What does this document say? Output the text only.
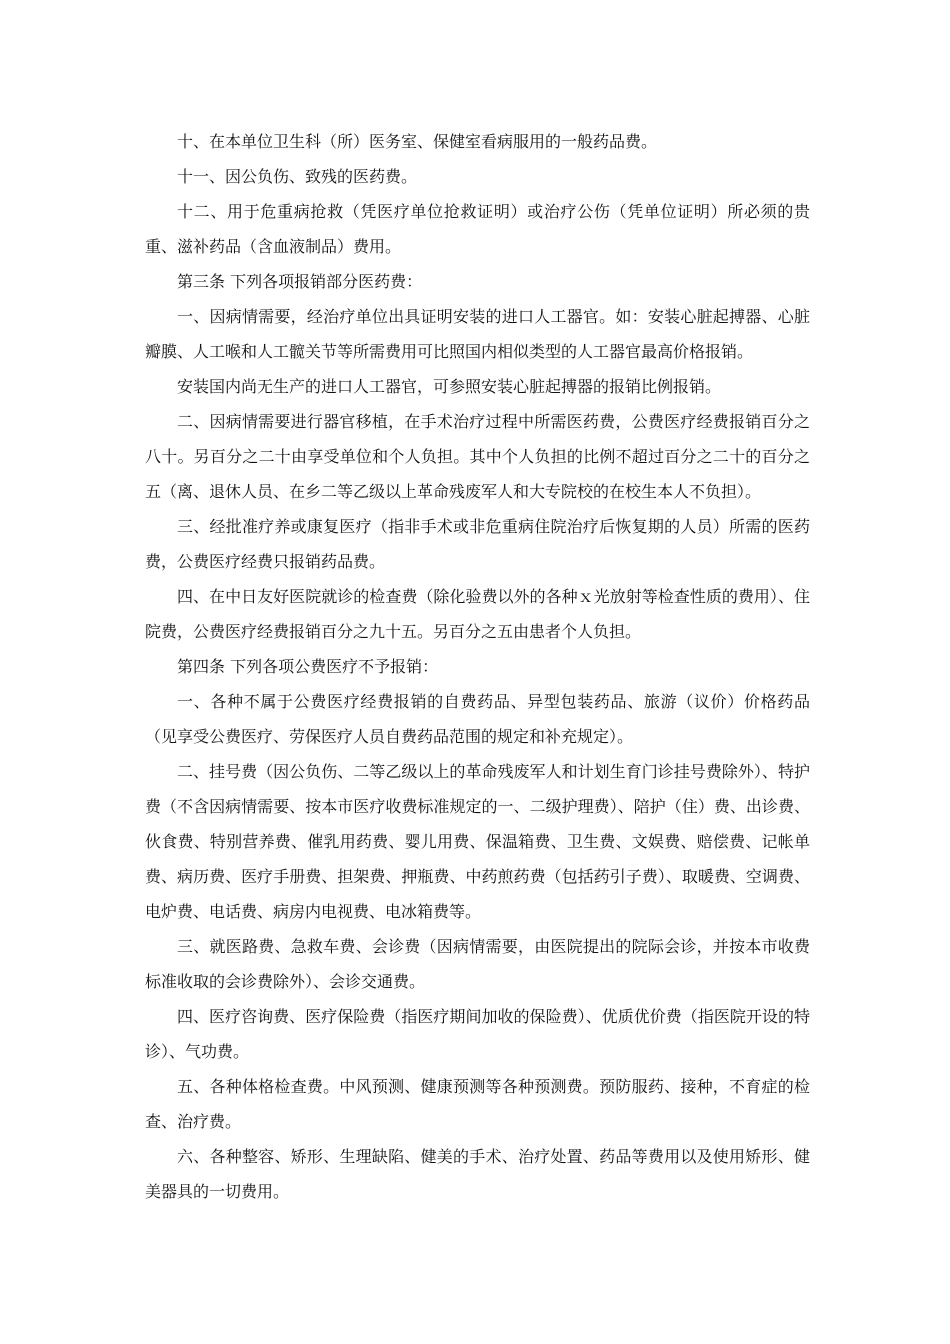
十、在本单位卫生科（所）医务室、保健室看病服用的一般药品费。

十一、因公负伤、致残的医药费。

十二、用于危重病抢救（凭医疗单位抢救证明）或治疗公伤（凭单位证明）所必须的贵重、滋补药品（含血液制品）费用。

第三条 下列各项报销部分医药费：

一、因病情需要，经治疗单位出具证明安装的进口人工器官。如：安装心脏起搏器、心脏瓣膜、人工喉和人工髋关节等所需费用可比照国内相似类型的人工器官最高价格报销。

安装国内尚无生产的进口人工器官，可参照安装心脏起搏器的报销比例报销。

二、因病情需要进行器官移植，在手术治疗过程中所需医药费，公费医疗经费报销百分之八十。另百分之二十由享受单位和个人负担。其中个人负担的比例不超过百分之二十的百分之五（离、退休人员、在乡二等乙级以上革命残废军人和大专院校的在校生本人不负担）。

三、经批准疗养或康复医疗（指非手术或非危重病住院治疗后恢复期的人员）所需的医药费，公费医疗经费只报销药品费。

四、在中日友好医院就诊的检查费（除化验费以外的各种ｘ光放射等检查性质的费用）、住院费，公费医疗经费报销百分之九十五。另百分之五由患者个人负担。

第四条 下列各项公费医疗不予报销：

一、各种不属于公费医疗经费报销的自费药品、异型包装药品、旅游（议价）价格药品（见享受公费医疗、劳保医疗人员自费药品范围的规定和补充规定）。

二、挂号费（因公负伤、二等乙级以上的革命残废军人和计划生育门诊挂号费除外）、特护费（不含因病情需要、按本市医疗收费标准规定的一、二级护理费）、陪护（住）费、出诊费、伙食费、特别营养费、催乳用药费、婴儿用费、保温箱费、卫生费、文娱费、赔偿费、记帐单费、病历费、医疗手册费、担架费、押瓶费、中药煎药费（包括药引子费）、取暖费、空调费、电炉费、电话费、病房内电视费、电冰箱费等。

三、就医路费、急救车费、会诊费（因病情需要，由医院提出的院际会诊，并按本市收费标准收取的会诊费除外）、会诊交通费。

四、医疗咨询费、医疗保险费（指医疗期间加收的保险费）、优质优价费（指医院开设的特诊）、气功费。

五、各种体格检查费。中风预测、健康预测等各种预测费。预防服药、接种，不育症的检查、治疗费。

六、各种整容、矫形、生理缺陷、健美的手术、治疗处置、药品等费用以及使用矫形、健美器具的一切费用。
